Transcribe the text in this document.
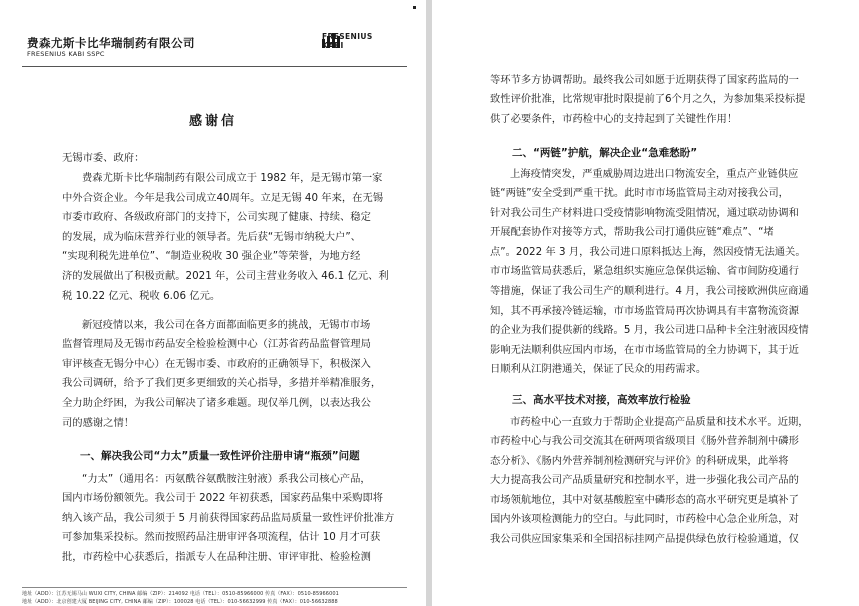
费森尤斯卡比华瑞制药有限公司
FRESENIUS KABI SSPC
FRESENIUS
KABI
感谢信
无锡市委、政府：
费森尤斯卡比华瑞制药有限公司成立于 1982 年，是无锡市第一家
中外合资企业。今年是我公司成立40周年。立足无锡 40 年来，在无锡
市委市政府、各级政府部门的支持下，公司实现了健康、持续、稳定
的发展，成为临床营养行业的领导者。先后获“无锡市纳税大户”、
“实现利税先进单位”、“制造业税收 30 强企业”等荣誉，为地方经
济的发展做出了积极贡献。2021 年，公司主营业务收入 46.1 亿元、利
税 10.22 亿元、税收 6.06 亿元。
新冠疫情以来，我公司在各方面都面临更多的挑战，无锡市市场
监督管理局及无锡市药品安全检验检测中心（江苏省药品监督管理局
审评核查无锡分中心）在无锡市委、市政府的正确领导下，积极深入
我公司调研，给予了我们更多更细致的关心指导，多措并举精准服务，
全力助企纾困，为我公司解决了诸多难题。现仅举几例，以表达我公
司的感谢之情！
一、解决我公司“力太”质量一致性评价注册申请“瓶颈”问题
“力太”（通用名：丙氨酰谷氨酰胺注射液）系我公司核心产品，
国内市场份额领先。我公司于 2022 年初获悉，国家药品集中采购即将
纳入该产品，我公司须于 5 月前获得国家药品监局质量一致性评价批准方
可参加集采投标。然而按照药品注册审评各项流程，估计 10 月才可获
批，市药检中心获悉后，指派专人在品种注册、审评审批、检验检测
地址（ADD）：江苏无锡马山 WUXI CITY, CHINA 邮编（ZIP）：214092 电话（TEL）：0510-85966000 传真（FAX）：0510-85966001
地址（ADD）：北京创建大厦 BEIJING CITY, CHINA 邮编（ZIP）：100028 电话（TEL）：010-56632999 传真（FAX）：010-56632888
等环节多方协调帮助。最终我公司如愿于近期获得了国家药监局的一
致性评价批准，比常规审批时限提前了6个月之久，为参加集采投标提
供了必要条件，市药检中心的支持起到了关键性作用！
二、“两链”护航，解决企业“急难愁盼”
上海疫情突发，严重威胁周边进出口物流安全，重点产业链供应
链“两链”安全受到严重干扰。此时市市场监管局主动对接我公司，
针对我公司生产材料进口受疫情影响物流受阻情况，通过联动协调和
开展配套协作对接等方式，帮助我公司打通供应链“难点”、“堵
点”。2022 年 3 月，我公司进口原料抵达上海，然因疫情无法通关。
市市场监管局获悉后，紧急组织实施应急保供运输、省市间防疫通行
等措施，保证了我公司生产的顺利进行。4 月，我公司接欧洲供应商通
知，其不再承接冷链运输，市市场监管局再次协调具有丰富物流资源
的企业为我们提供新的线路。5 月，我公司进口品种卡全注射液因疫情
影响无法顺利供应国内市场，在市市场监管局的全力协调下，其于近
日顺利从江阴港通关，保证了民众的用药需求。
三、高水平技术对接，高效率放行检验
市药检中心一直致力于帮助企业提高产品质量和技术水平。近期，
市药检中心与我公司交流其在研两项省级项目《肠外营养制剂中磷形
态分析》、《肠内外营养制剂检测研究与评价》的科研成果，此举将
大力提高我公司产品质量研究和控制水平，进一步强化我公司产品的
市场领航地位，其中对氨基酸腔室中磷形态的高水平研究更是填补了
国内外该项检测能力的空白。与此同时，市药检中心急企业所急，对
我公司供应国家集采和全国招标挂网产品提供绿色放行检验通道，仅
